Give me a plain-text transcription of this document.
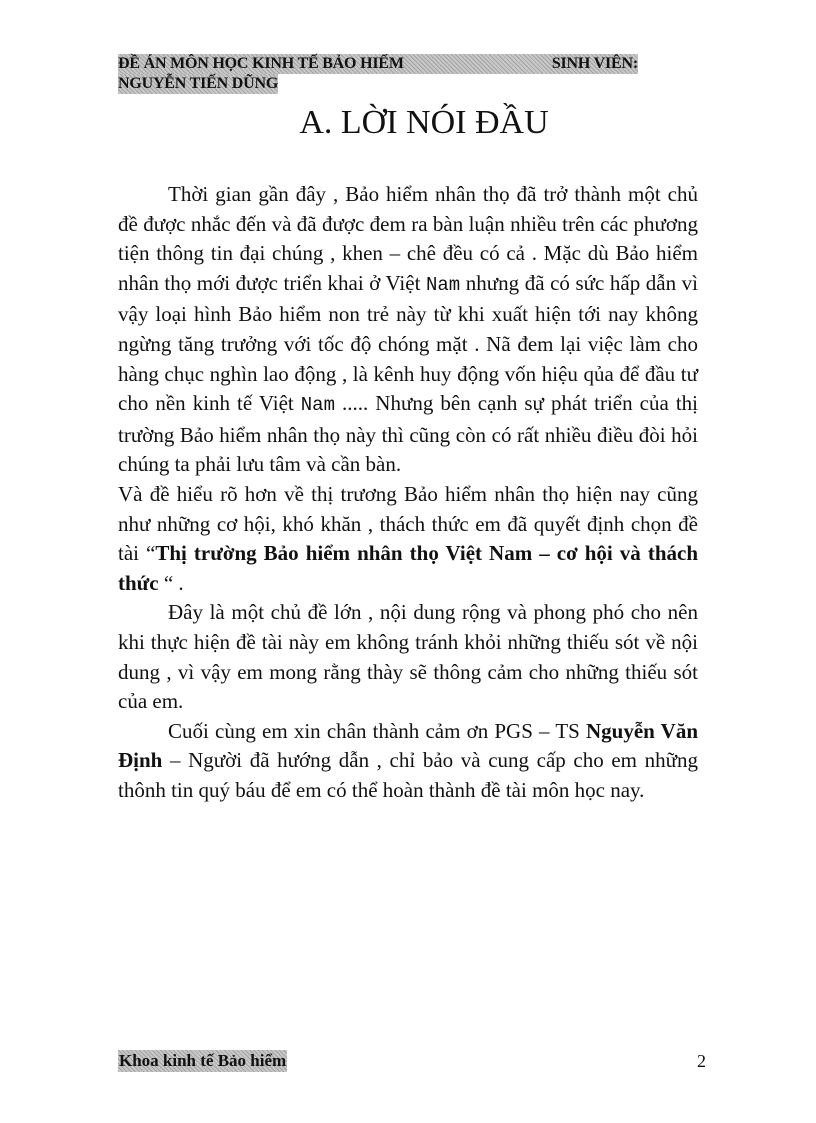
ĐỀ ÁN MÔN HỌC KINH TẾ BẢO HIỂM	SINH VIÊN:
NGUYỄN TIẾN DŨNG
A. LỜI NÓI ĐẦU

Thời gian gần đây , Bảo hiểm nhân thọ đã trở thành một chủ đề được nhắc đến và đã được đem ra bàn luận nhiều trên các phương tiện thông tin đại chúng , khen – chê đều có cả . Mặc dù Bảo hiểm nhân thọ mới được triển khai ở Việt Nam nhưng đã có sức hấp dẫn vì vậy loại hình Bảo hiểm non trẻ này từ khi xuất hiện tới nay không ngừng tăng trưởng với tốc độ chóng mặt . Nã đem lại việc làm cho hàng chục nghìn lao động , là kênh huy động vốn hiệu qủa để đầu tư cho nền kinh tế Việt Nam ..... Nhưng bên cạnh sự phát triển của thị trường Bảo hiểm nhân thọ này thì cũng còn có rất nhiều điều đòi hỏi chúng ta phải lưu tâm và cần bàn.

Và đề hiểu rõ hơn về thị trương Bảo hiểm nhân thọ hiện nay cũng như những cơ hội, khó khăn , thách thức em đã quyết định chọn đề tài “Thị trường Bảo hiểm nhân thọ Việt Nam – cơ hội và thách thức “ .

Đây là một chủ đề lớn , nội dung rộng và phong phó cho nên khi thực hiện đề tài này em không tránh khỏi những thiếu sót về nội dung , vì vậy em mong rằng thày sẽ thông cảm cho những thiếu sót của em.

Cuối cùng em xin chân thành cảm ơn PGS – TS Nguyễn Văn Định – Người đã hướng dẫn , chỉ bảo và cung cấp cho em những thônh tin quý báu để em có thể hoàn thành đề tài môn học nay.

Khoa kinh tế Bảo hiểm	2
